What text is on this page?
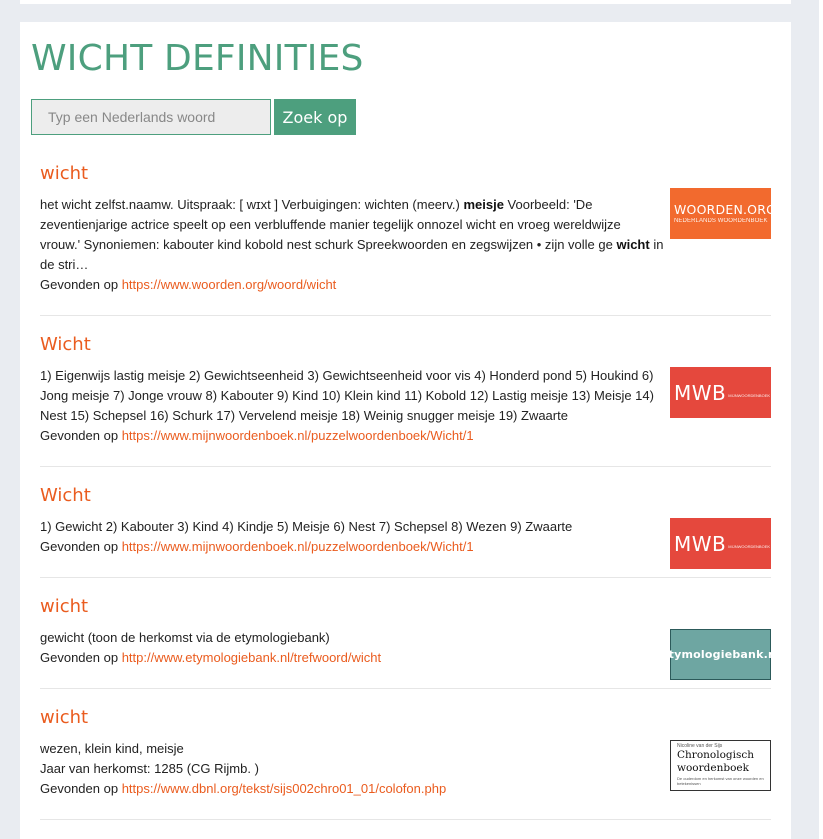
WICHT DEFINITIES
Typ een Nederlands woord
Zoek op
WOORDEN.ORG
NEDERLANDS WOORDENBOEK
wicht

het wicht zelfst.naamw. Uitspraak: [ wɪxt ] Verbuigingen: wichten (meerv.) meisje Voorbeeld: 'De zeventienjarige actrice speelt op een verbluffende manier tegelijk onnozel wicht en vroeg wereldwijze vrouw.' Synoniemen: kabouter kind kobold nest schurk Spreekwoorden en zegswijzen • zijn volle ge wicht in de stri…

Gevonden op https://www.woorden.org/woord/wicht

MWB MIJNWOORDENBOEK
Wicht

1) Eigenwijs lastig meisje 2) Gewichtseenheid 3) Gewichtseenheid voor vis 4) Honderd pond 5) Houkind 6) Jong meisje 7) Jonge vrouw 8) Kabouter 9) Kind 10) Klein kind 11) Kobold 12) Lastig meisje 13) Meisje 14) Nest 15) Schepsel 16) Schurk 17) Vervelend meisje 18) Weinig snugger meisje 19) Zwaarte

Gevonden op https://www.mijnwoordenboek.nl/puzzelwoordenboek/Wicht/1

MWB MIJNWOORDENBOEK
Wicht

1) Gewicht 2) Kabouter 3) Kind 4) Kindje 5) Meisje 6) Nest 7) Schepsel 8) Wezen 9) Zwaarte

Gevonden op https://www.mijnwoordenboek.nl/puzzelwoordenboek/Wicht/1

etymologiebank.nl
wicht

gewicht (toon de herkomst via de etymologiebank)

Gevonden op http://www.etymologiebank.nl/trefwoord/wicht

Nicoline van der Sijs
Chronologisch
woordenboek
De ouderdom en herkomst van onze woorden en betekenissen
wicht

wezen, klein kind, meisje

Jaar van herkomst: 1285 (CG Rijmb. )

Gevonden op https://www.dbnl.org/tekst/sijs002chro01_01/colofon.php
